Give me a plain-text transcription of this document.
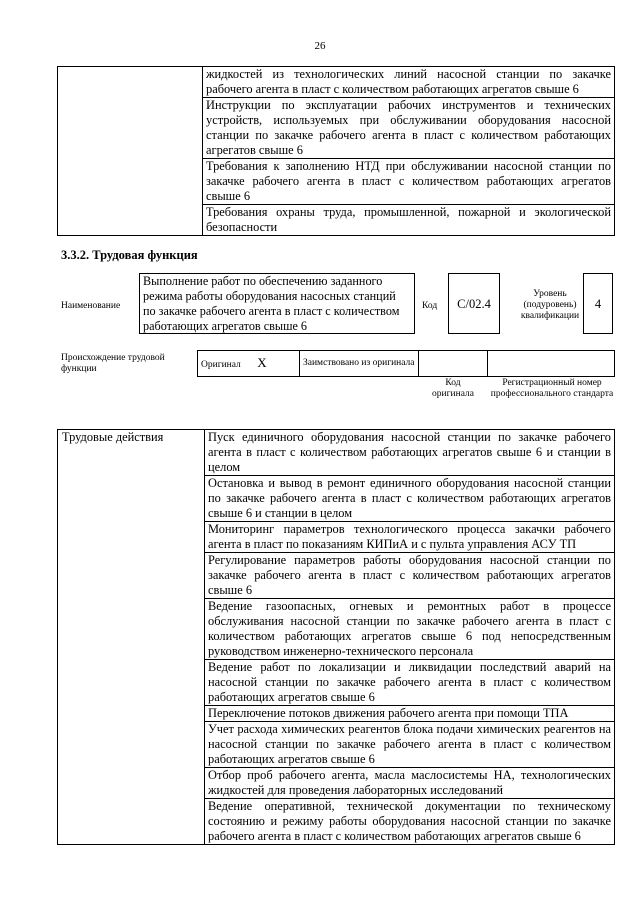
26
	жидкостей из технологических линий насосной станции по закачке рабочего агента в пласт с количеством работающих агрегатов свыше 6
Инструкции по эксплуатации рабочих инструментов и технических устройств, используемых при обслуживании оборудования насосной станции по закачке рабочего агента в пласт с количеством работающих агрегатов свыше 6
Требования к заполнению НТД при обслуживании насосной станции по закачке рабочего агента в пласт с количеством работающих агрегатов свыше 6
Требования охраны труда, промышленной, пожарной и экологической безопасности
3.3.2. Трудовая функция
Наименование
Выполнение работ по обеспечению заданного режима работы оборудования насосных станций по закачке рабочего агента в пласт с количеством работающих агрегатов свыше 6
Код	C/02.4
Уровень (подуровень) квалификации
4
Происхождение трудовой функции	Оригинал X	Заимствовано из оригинала		
Код оригинала
Регистрационный номер профессионального стандарта
Трудовые действия	Пуск единичного оборудования насосной станции по закачке рабочего агента в пласт с количеством работающих агрегатов свыше 6 и станции в целом
Остановка и вывод в ремонт единичного оборудования насосной станции по закачке рабочего агента в пласт с количеством работающих агрегатов свыше 6 и станции в целом
Мониторинг параметров технологического процесса закачки рабочего агента в пласт по показаниям КИПиА и с пульта управления АСУ ТП
Регулирование параметров работы оборудования насосной станции по закачке рабочего агента в пласт с количеством работающих агрегатов свыше 6
Ведение газоопасных, огневых и ремонтных работ в процессе обслуживания насосной станции по закачке рабочего агента в пласт с количеством работающих агрегатов свыше 6 под непосредственным руководством инженерно-технического персонала
Ведение работ по локализации и ликвидации последствий аварий на насосной станции по закачке рабочего агента в пласт с количеством работающих агрегатов свыше 6
Переключение потоков движения рабочего агента при помощи ТПА
Учет расхода химических реагентов блока подачи химических реагентов на насосной станции по закачке рабочего агента в пласт с количеством работающих агрегатов свыше 6
Отбор проб рабочего агента, масла маслосистемы НА, технологических жидкостей для проведения лабораторных исследований
Ведение оперативной, технической документации по техническому состоянию и режиму работы оборудования насосной станции по закачке рабочего агента в пласт с количеством работающих агрегатов свыше 6
